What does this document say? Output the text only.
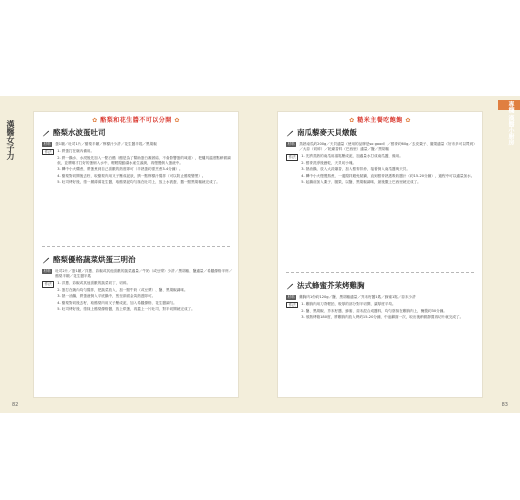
漢醫女子力	專欄 漢醫小廚房
✿ 酪梨和花生醬不可以分開 ✿
酪梨水波蛋吐司
材料	蛋1顆／吐司1片／酪梨半顆／檸檬汁少許／花生醬半匙／黑胡椒
作法	1. 將蛋打在碗內備用。
2. 將一鍋水、水滾後先加入一點白醋（醋是為了幫助蛋白凝固結、不會影響蛋的味道），把爐具溫度點稍微調低，並將剛才打好的蛋倒入水中，輕輕攪動讓水產生漩渦，再慢慢倒入蛋液中。
3. 轉中小火燜煮，將蛋煮到自己喜歡的熟度即可（半熟蛋約需烹煮3-4分鐘）。
4. 酪梨對切開後去籽，取酪梨肉用叉子壓成泥狀，擠一點檸檬汁攪拌（可以防止酪梨變黑）。
5. 吐司烤好後，塗一層薄薄花生醬，取酪梨泥均勻抹在吐司上，放上水波蛋、撒一點黑胡椒就完成了。
酪梨優格蔬菜烘蛋三明治
材料	吐司2片／蛋1顆／洋蔥、彩椒或其他喜歡的蔬菜適量／牛奶（或豆漿）少許／黑胡椒、鹽適量／希臘優格半杯／酪梨半顆／花生醬半匙
作法	1. 洋蔥、彩椒或其他喜歡的蔬菜切丁，切碎。
2. 蛋打在碗內均勻攪拌，把蔬菜放入，加一點牛奶（或豆漿）、鹽、黑胡椒調味。
3. 熱一油鍋，將蛋液倒入平底鍋中，煎至兩面金黃熟透即可。
4. 酪梨對切後去籽，取酪梨肉用叉子壓成泥，加入希臘優格、花生醬調勻。
5. 吐司烤好後，塗抹上酪梨優格醬，放上烘蛋，再蓋上一片吐司，對半切開就完成了。
✿ 糙米主餐吃飽飽 ✿
南瓜藜麥天貝燉飯
材料	蒸熟南瓜約200g／天貝適量（使用的品牌是so good）／藜麥約60g／去皮栗子、腰果適量（好市多可以買到）／大蒜（切碎）／乾燥香料（巴西里）適量／鹽／黑胡椒
作法	1. 先將蒸熟的南瓜用湯匙壓成泥，加適量水打成南瓜醬，備用。
2. 藜麥洗淨後瀝乾，天貝切小塊。
3. 熱油鍋，放入大蒜爆香，加入藜麥拌炒，接著倒入南瓜醬與天貝。
4. 轉中小火慢慢熬煮，一邊攪拌避免黏鍋，直到藜麥熟透吸收醬汁（約15-20分鐘），過程中可以適量加水。
5. 起鍋前加入栗子、腰果，以鹽、黑胡椒調味，最後撒上巴西里就完成了。
法式蜂蜜芥茉烤雞胸
材料	雞胸肉1份約120g／鹽、黑胡椒適量／芥末籽醬1匙／蜂蜜1匙／蒜末少許
作法	1. 雞胸肉用刀背輕拍，較厚的部分對半切開，讓厚度平均。
2. 鹽、黑胡椒、芥末籽醬、蜂蜜、蒜末混合成醬料，均勻塗抹在雞胸肉上，醃製約30分鐘。
3. 預熱烤箱180度，將雞胸肉放入烤約15-20分鐘，中途翻面一次，取出後稍微靜置再切片就完成了。
82	83
